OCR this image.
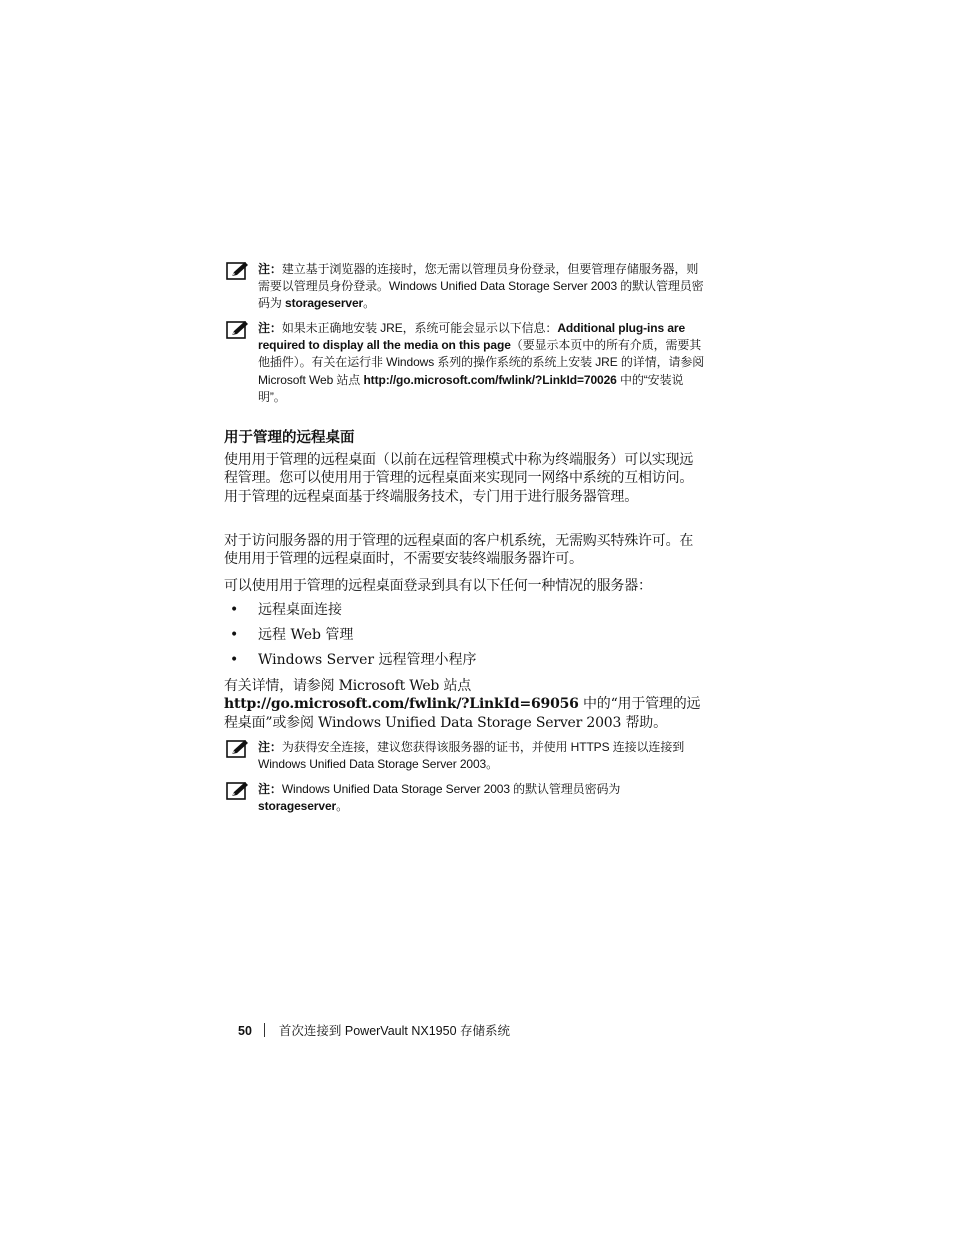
注：建立基于浏览器的连接时，您无需以管理员身份登录，但要管理存储服务器，则需要以管理员身份登录。Windows Unified Data Storage Server 2003 的默认管理员密码为 storageserver。
注：如果未正确地安装 JRE，系统可能会显示以下信息：Additional plug-ins are required to display all the media on this page（要显示本页中的所有介质，需要其他插件）。有关在运行非 Windows 系列的操作系统的系统上安装 JRE 的详情，请参阅 Microsoft Web 站点 http://go.microsoft.com/fwlink/?LinkId=70026 中的“安装说明”。
用于管理的远程桌面
使用用于管理的远程桌面（以前在远程管理模式中称为终端服务）可以实现远程管理。您可以使用用于管理的远程桌面来实现同一网络中系统的互相访问。用于管理的远程桌面基于终端服务技术，专门用于进行服务器管理。
对于访问服务器的用于管理的远程桌面的客户机系统，无需购买特殊许可。在使用用于管理的远程桌面时，不需要安装终端服务器许可。
可以使用用于管理的远程桌面登录到具有以下任何一种情况的服务器：
• 远程桌面连接
• 远程 Web 管理
• Windows Server 远程管理小程序
有关详情，请参阅 Microsoft Web 站点 http://go.microsoft.com/fwlink/?LinkId=69056 中的“用于管理的远程桌面”或参阅 Windows Unified Data Storage Server 2003 帮助。
注：为获得安全连接，建议您获得该服务器的证书，并使用 HTTPS 连接以连接到 Windows Unified Data Storage Server 2003。
注：Windows Unified Data Storage Server 2003 的默认管理员密码为 storageserver。
50 首次连接到 PowerVault NX1950 存储系统
